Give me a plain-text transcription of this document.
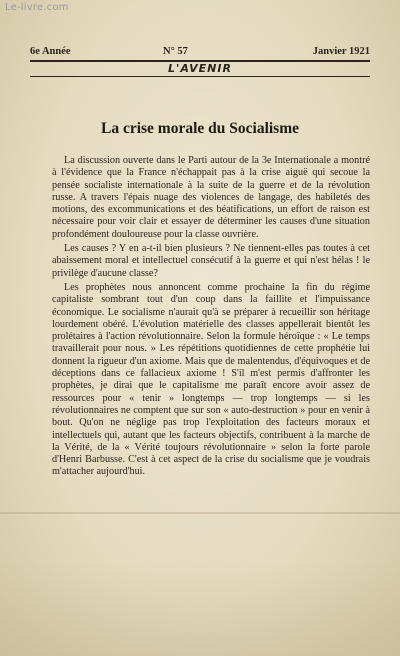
Le-livre.com
6e Année	N° 57	Janvier 1921
L'AVENIR
La crise morale du Socialisme

La discussion ouverte dans le Parti autour de la 3e Internationale a montré à l'évidence que la France n'échappait pas à la crise aiguë qui secoue la pensée socialiste internationale à la suite de la guerre et de la révolution russe. A travers l'épais nuage des violences de langage, des habiletés des motions, des excommunications et des béatifications, un effort de raison est nécessaire pour voir clair et essayer de déterminer les causes d'une situation profondément douloureuse pour la classe ouvrière.

Les causes ? Y en a-t-il bien plusieurs ? Ne tiennent-elles pas toutes à cet abaissement moral et intellectuel consécutif à la guerre et qui n'est hélas ! le privilège d'aucune classe?

Les prophètes nous annoncent comme prochaine la fin du régime capitaliste sombrant tout d'un coup dans la faillite et l'impuissance économique. Le socialisme n'aurait qu'à se préparer à recueillir son héritage lourdement obéré. L'évolution matérielle des classes appellerait bientôt les prolétaires à l'action révolutionnaire. Selon la formule héroïque : « Le temps travaillerait pour nous. » Les répétitions quotidiennes de cette prophétie lui donnent la rigueur d'un axiome. Mais que de malentendus, d'équivoques et de déceptions dans ce fallacieux axiome ! S'il m'est permis d'affronter les prophètes, je dirai que le capitalisme me paraît encore avoir assez de ressources pour « tenir » longtemps — trop longtemps — si les révolutionnaires ne comptent que sur son « auto-destruction » pour en venir à bout. Qu'on ne néglige pas trop l'exploitation des facteurs moraux et intellectuels qui, autant que les facteurs objectifs, contribuent à la marche de la Vérité, de la « Vérité toujours révolutionnaire » selon la forte parole d'Henri Barbusse. C'est à cet aspect de la crise du socialisme que je voudrais m'attacher aujourd'hui.
